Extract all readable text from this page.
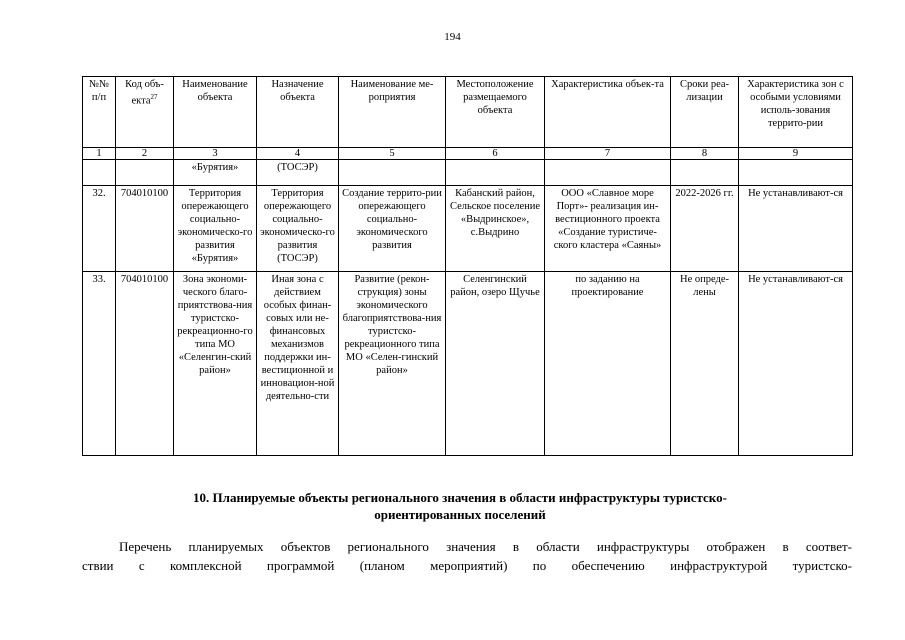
194
№№ п/п	Код объ-екта$^{27}$	Наименование объекта	Назначение объекта	Наименование ме-роприятия	Местоположение размещаемого объекта	Характеристика объек-та	Сроки реа-лизации	Характеристика зон с особыми условиями исполь-зования террито-рии
1	2	3	4	5	6	7	8	9
		«Бурятия»	(ТОСЭР)					

32.	704010100	Территория опережающего социально-экономическо-го развития «Бурятия»	Территория опережающего социально-экономическо-го развития (ТОСЭР)	Создание террито-рии опережающего социально-экономического развития	Кабанский район, Сельское поселение «Выдринское», с.Выдрино	ООО «Славное море Порт»- реализация ин-вестиционного проекта «Создание туристиче-ского кластера «Саяны»	2022-2026 гг.	Не устанавливают-ся
33.	704010100	Зона экономи-ческого благо-приятствова-ния туристско-рекреационно-го типа МО «Селенгин-ский район»	Иная зона с действием особых финан-совых или не-финансовых механизмов поддержки ин-вестиционной и инновацион-ной деятельно-сти	Развитие (рекон-струкция) зоны экономического благоприятствова-ния туристско-рекреационного типа МО «Селен-гинский район»	Селенгинский район, озеро Щучье	по заданию на проектирование	Не опреде-лены	Не устанавливают-ся
10. Планируемые объекты регионального значения в области инфраструктуры туристско-
ориентированных поселений
Перечень планируемых объектов регионального значения в области инфраструктуры отображен в соответ-
ствии с комплексной программой (планом мероприятий) по обеспечению инфраструктурой туристско-
